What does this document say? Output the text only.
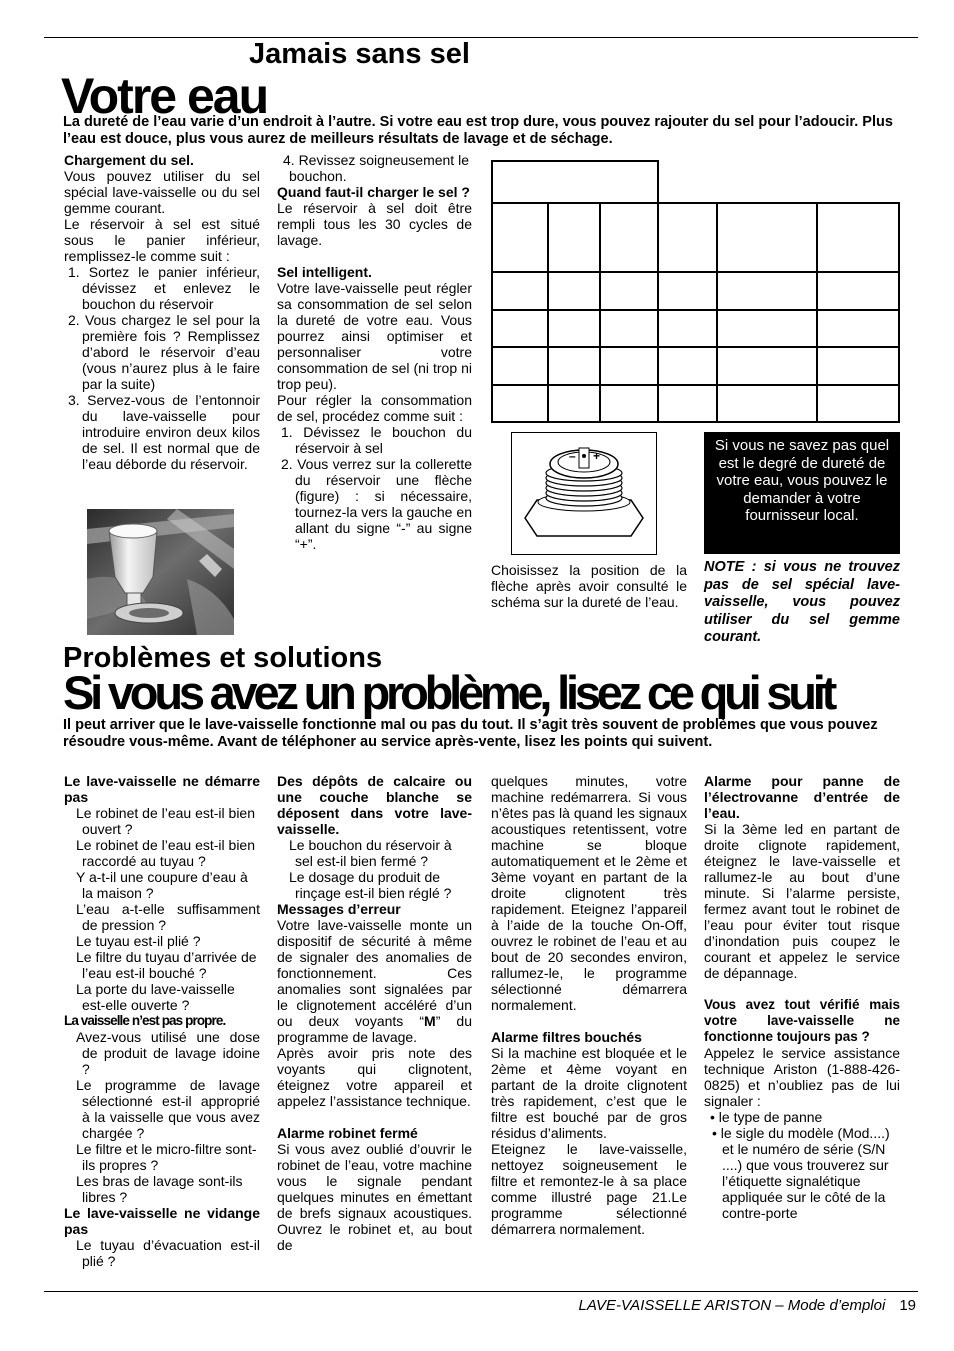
Jamais sans sel
Votre eau
La dureté de l’eau varie d’un endroit à l’autre. Si votre eau est trop dure, vous pouvez rajouter du sel pour l’adoucir. Plus l’eau est douce, plus vous aurez de meilleurs résultats de lavage et de séchage.

Chargement du sel.

Vous pouvez utiliser du sel spécial lave-vaisselle ou du sel gemme courant.

Le réservoir à sel est situé sous le panier inférieur, remplissez-le comme suit :

1. Sortez le panier inférieur, dévissez et enlevez le bouchon du réservoir

2. Vous chargez le sel pour la première fois ? Remplissez d’abord le réservoir d’eau (vous n’aurez plus à le faire par la suite)

3. Servez-vous de l’entonnoir du lave-vaisselle pour introduire environ deux kilos de sel. Il est normal que de l’eau déborde du réservoir.

4. Revissez soigneusement le bouchon.

Quand faut-il charger le sel ?

Le réservoir à sel doit être rempli tous les 30 cycles de lavage.

Sel intelligent.

Votre lave-vaisselle peut régler sa consommation de sel selon la dureté de votre eau. Vous pourrez ainsi optimiser et personnaliser votre consommation de sel (ni trop ni trop peu).

Pour régler la consommation de sel, procédez comme suit :

1. Dévissez le bouchon du réservoir à sel

2. Vous verrez sur la collerette du réservoir une flèche (figure) : si nécessaire, tournez-la vers la gauche en allant du signe “-” au signe “+”.

– +

Choisissez la position de la flèche après avoir consulté le schéma sur la dureté de l’eau.

Si vous ne savez pas quel est le degré de dureté de votre eau, vous pouvez le demander à votre fournisseur local.
NOTE : si vous ne trouvez pas de sel spécial lave-vaisselle, vous pouvez utiliser du sel gemme courant.
Problèmes et solutions
Si vous avez un problème, lisez ce qui suit
Il peut arriver que le lave-vaisselle fonctionne mal ou pas du tout. Il s’agit très souvent de problèmes que vous pouvez résoudre vous-même. Avant de téléphoner au service après-vente, lisez les points qui suivent.

Le lave-vaisselle ne démarre pas

Le robinet de l’eau est-il bien ouvert ?

Le robinet de l’eau est-il bien raccordé au tuyau ?

Y a-t-il une coupure d’eau à la maison ?

L’eau a-t-elle suffisamment de pression ?

Le tuyau est-il plié ?

Le filtre du tuyau d’arrivée de l’eau est-il bouché ?

La porte du lave-vaisselle est-elle ouverte ?

La vaisselle n’est pas propre.

Avez-vous utilisé une dose de produit de lavage idoine ?

Le programme de lavage sélectionné est-il approprié à la vaisselle que vous avez chargée ?

Le filtre et le micro-filtre sont-ils propres ?

Les bras de lavage sont-ils libres ?

Le lave-vaisselle ne vidange pas

Le tuyau d’évacuation est-il plié ?

Des dépôts de calcaire ou une couche blanche se déposent dans votre lave-vaisselle.

Le bouchon du réservoir à sel est-il bien fermé ?

Le dosage du produit de rinçage est-il bien réglé ?

Messages d’erreur

Votre lave-vaisselle monte un dispositif de sécurité à même de signaler des anomalies de fonctionnement. Ces anomalies sont signalées par le clignotement accéléré d’un ou deux voyants “M” du programme de lavage.

Après avoir pris note des voyants qui clignotent, éteignez votre appareil et appelez l’assistance technique.

Alarme robinet fermé

Si vous avez oublié d’ouvrir le robinet de l’eau, votre machine vous le signale pendant quelques minutes en émettant de brefs signaux acoustiques. Ouvrez le robinet et, au bout de

quelques minutes, votre machine redémarrera. Si vous n’êtes pas là quand les signaux acoustiques retentissent, votre machine se bloque automatiquement et le 2ème et 3ème voyant en partant de la droite clignotent très rapidement. Eteignez l’appareil à l’aide de la touche On-Off, ouvrez le robinet de l’eau et au bout de 20 secondes environ, rallumez-le, le programme sélectionné démarrera normalement.

Alarme filtres bouchés

Si la machine est bloquée et le 2ème et 4ème voyant en partant de la droite clignotent très rapidement, c’est que le filtre est bouché par de gros résidus d’aliments.

Eteignez le lave-vaisselle, nettoyez soigneusement le filtre et remontez-le à sa place comme illustré page 21.Le programme sélectionné démarrera normalement.

Alarme pour panne de l’électrovanne d’entrée de l’eau.

Si la 3ème led en partant de droite clignote rapidement, éteignez le lave-vaisselle et rallumez-le au bout d’une minute. Si l’alarme persiste, fermez avant tout le robinet de l’eau pour éviter tout risque d’inondation puis coupez le courant et appelez le service de dépannage.

Vous avez tout vérifié mais votre lave-vaisselle ne fonctionne toujours pas ?

Appelez le service assistance technique Ariston (1-888-426-0825) et n’oubliez pas de lui signaler :

• le type de panne

• le sigle du modèle (Mod....) et le numéro de série (S/N ....) que vous trouverez sur l’étiquette signalétique appliquée sur le côté de la contre-porte

LAVE-VAISSELLE ARISTON – Mode d’emploi 19
